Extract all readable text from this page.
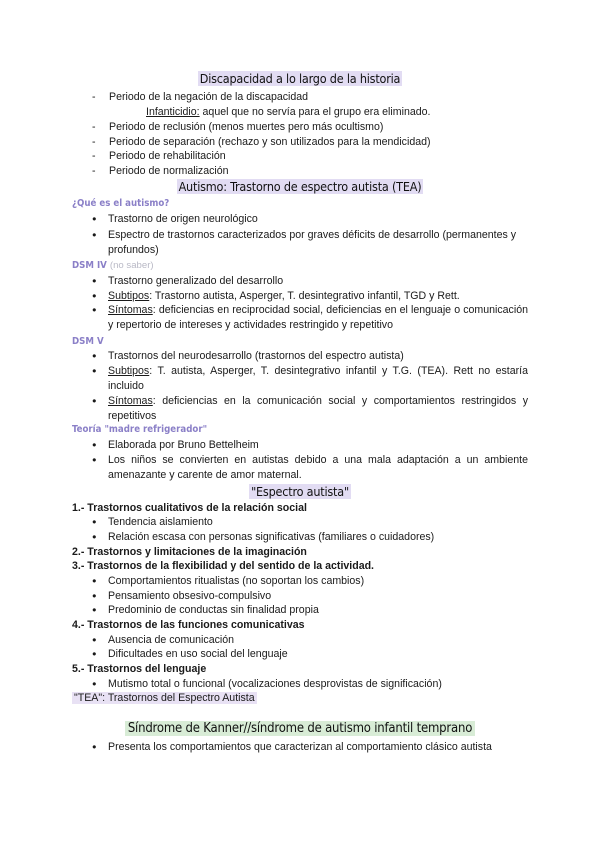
Discapacidad a lo largo de la historia
Periodo de la negación de la discapacidad
Infanticidio: aquel que no servía para el grupo era eliminado.
Periodo de reclusión (menos muertes pero más ocultismo)
Periodo de separación (rechazo y son utilizados para la mendicidad)
Periodo de rehabilitación
Periodo de normalización
Autismo: Trastorno de espectro autista (TEA)
¿Qué es el autismo?
● Trastorno de origen neurológico
● Espectro de trastornos caracterizados por graves déficits de desarrollo (permanentes y profundos)
DSM IV (no saber)
● Trastorno generalizado del desarrollo
● Subtipos: Trastorno autista, Asperger, T. desintegrativo infantil, TGD y Rett.
● Síntomas: deficiencias en reciprocidad social, deficiencias en el lenguaje o comunicación y repertorio de intereses y actividades restringido y repetitivo
DSM V
● Trastornos del neurodesarrollo (trastornos del espectro autista)
● Subtipos: T. autista, Asperger, T. desintegrativo infantil y T.G. (TEA). Rett no estaría incluido
● Síntomas: deficiencias en la comunicación social y comportamientos restringidos y repetitivos
Teoría "madre refrigerador"
● Elaborada por Bruno Bettelheim
● Los niños se convierten en autistas debido a una mala adaptación a un ambiente amenazante y carente de amor maternal.
"Espectro autista"
1.- Trastornos cualitativos de la relación social
● Tendencia aislamiento
● Relación escasa con personas significativas (familiares o cuidadores)
2.- Trastornos y limitaciones de la imaginación
3.- Trastornos de la flexibilidad y del sentido de la actividad.
● Comportamientos ritualistas (no soportan los cambios)
● Pensamiento obsesivo-compulsivo
● Predominio de conductas sin finalidad propia
4.- Trastornos de las funciones comunicativas
● Ausencia de comunicación
● Dificultades en uso social del lenguaje
5.- Trastornos del lenguaje
● Mutismo total o funcional (vocalizaciones desprovistas de significación)
"TEA": Trastornos del Espectro Autista
Síndrome de Kanner//síndrome de autismo infantil temprano
● Presenta los comportamientos que caracterizan al comportamiento clásico autista
